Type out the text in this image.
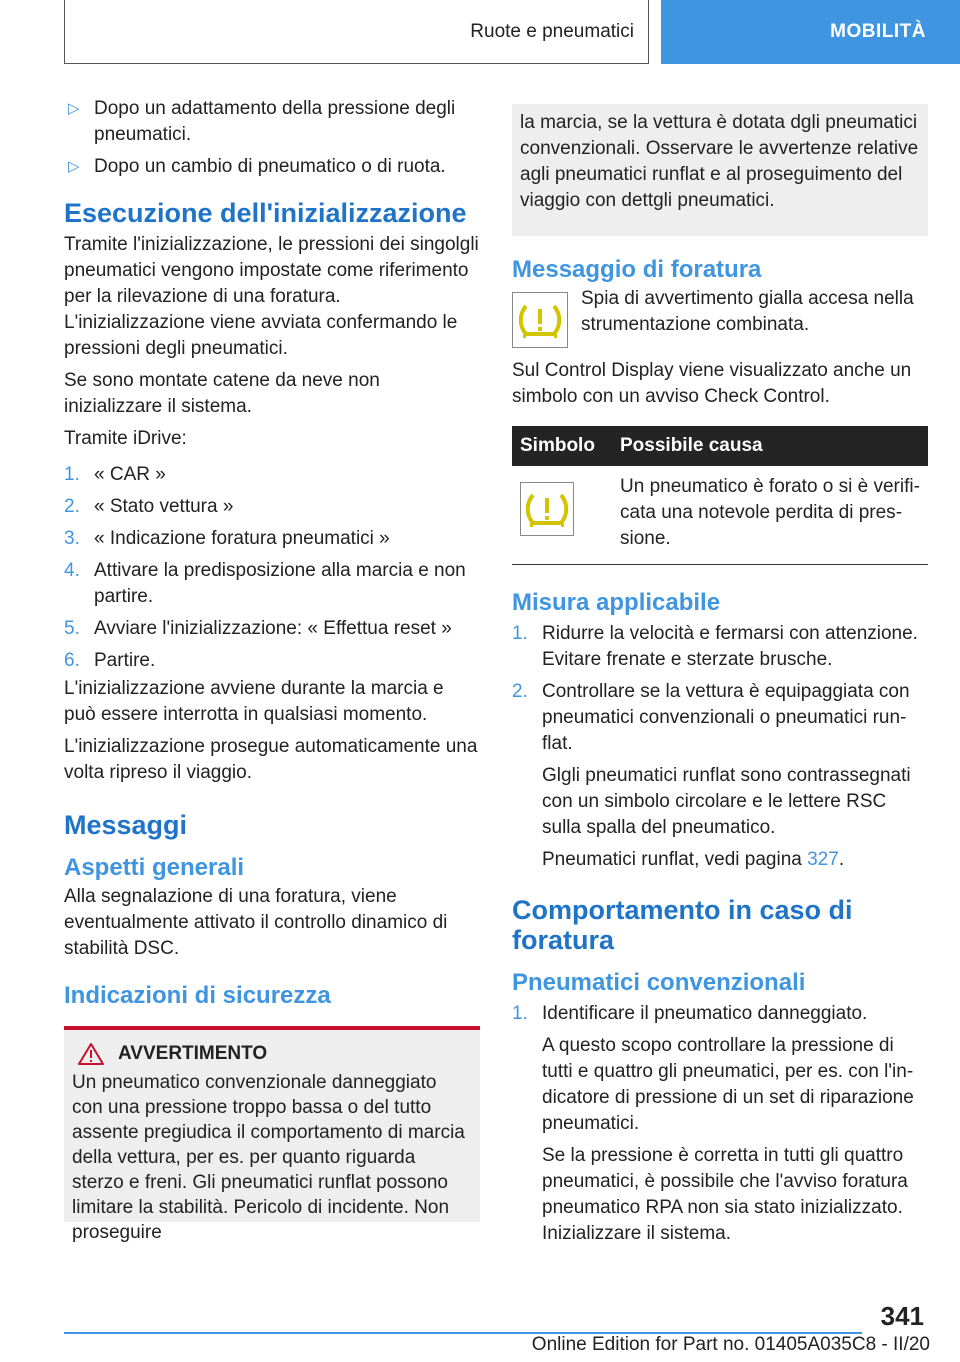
Ruote e pneumatici	MOBILITÀ
▷ Dopo un adattamento della pressione degli pneumatici.
▷ Dopo un cambio di pneumatico o di ruota.
Esecuzione dell'inizializzazione

Tramite l'inizializzazione, le pressioni dei singolgli pneumatici vengono impostate come riferimento per la rilevazione di una foratura. L'inizializzazione viene avviata confermando le pressioni degli pneumatici.

Se sono montate catene da neve non inizializzare il sistema.

Tramite iDrive:

1. « CAR »
2. « Stato vettura »
3. « Indicazione foratura pneumatici »
4. Attivare la predisposizione alla marcia e non partire.
5. Avviare l'inizializzazione: « Effettua reset »
6. Partire.

L'inizializzazione avviene durante la marcia e può essere interrotta in qualsiasi momento.

L'inizializzazione prosegue automaticamente una volta ripreso il viaggio.

Messaggi
Aspetti generali

Alla segnalazione di una foratura, viene eventualmente attivato il controllo dinamico di stabilità DSC.

Indicazioni di sicurezza
AVVERTIMENTO

Un pneumatico convenzionale danneggiato con una pressione troppo bassa o del tutto assente pregiudica il comportamento di marcia della vettura, per es. per quanto riguarda sterzo e freni. Gli pneumatici runflat possono limitare la stabilità. Pericolo di incidente. Non proseguire

la marcia, se la vettura è dotata dgli pneumatici convenzionali. Osservare le avvertenze relative agli pneumatici runflat e al proseguimento del viaggio con dettgli pneumatici.

Messaggio di foratura

Spia di avvertimento gialla accesa nella strumentazione combinata.

Sul Control Display viene visualizzato anche un simbolo con un avviso Check Control.

Simbolo	Possibile causa

	Un pneumatico è forato o si è verificata una notevole perdita di pressione.
Misura applicabile
1. Ridurre la velocità e fermarsi con attenzione. Evitare frenate e sterzate brusche.
2. Controllare se la vettura è equipaggiata con pneumatici convenzionali o pneumatici runflat.
Glgli pneumatici runflat sono contrassegnati con un simbolo circolare e le lettere RSC sulla spalla del pneumatico.
Pneumatici runflat, vedi pagina 327.
Comportamento in caso di foratura
Pneumatici convenzionali
1. Identificare il pneumatico danneggiato.
A questo scopo controllare la pressione di tutti e quattro gli pneumatici, per es. con l'indicatore di pressione di un set di riparazione pneumatici.
Se la pressione è corretta in tutti gli quattro pneumatici, è possibile che l'avviso foratura pneumatico RPA non sia stato inizializzato. Inizializzare il sistema.
341
Online Edition for Part no. 01405A035C8 - II/20
